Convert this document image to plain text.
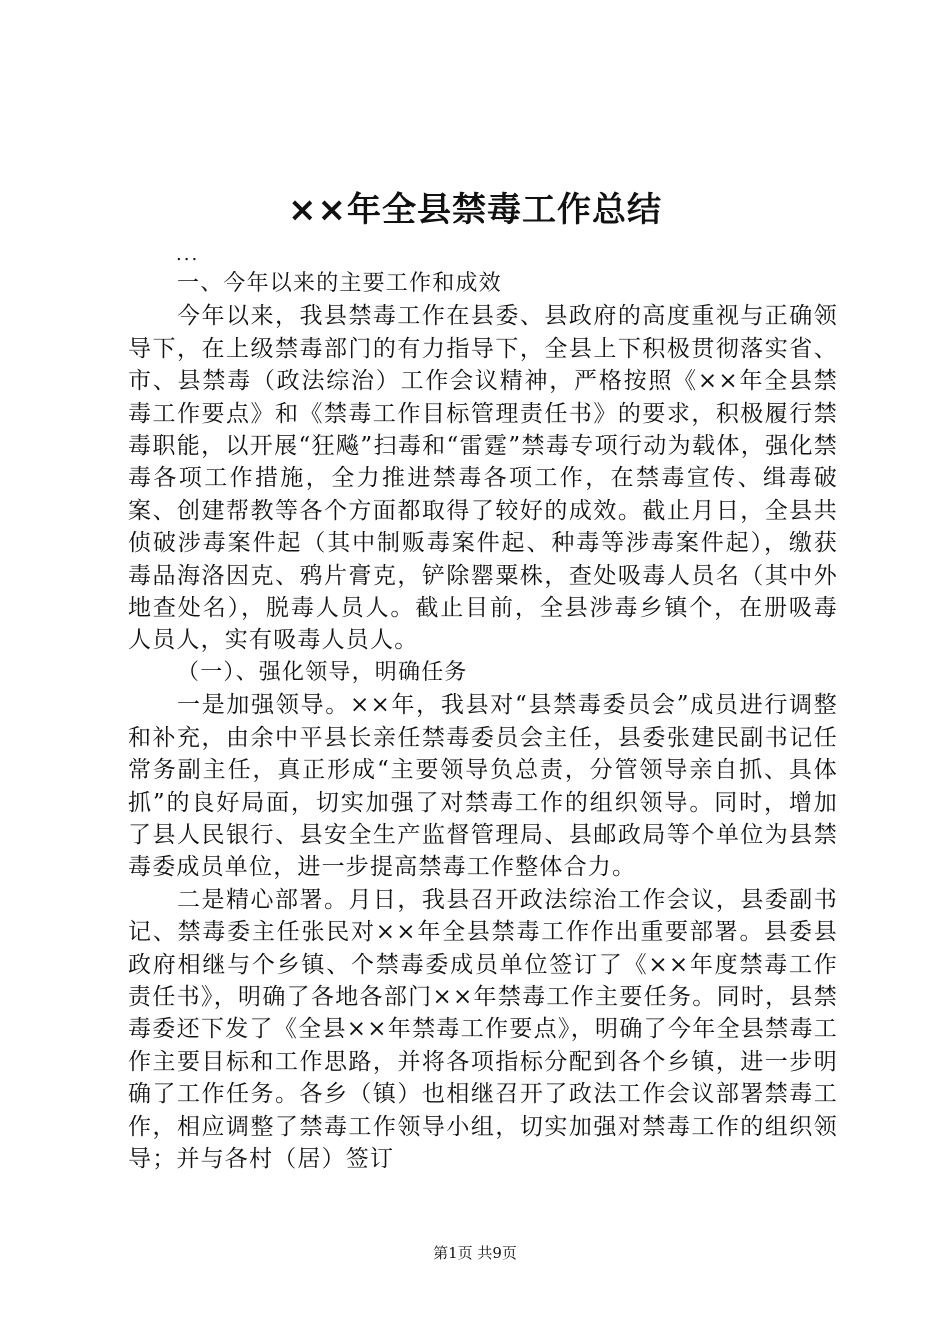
××年全县禁毒工作总结
...

一、今年以来的主要工作和成效

今年以来，我县禁毒工作在县委、县政府的高度重视与正确领导下，在上级禁毒部门的有力指导下，全县上下积极贯彻落实省、市、县禁毒（政法综治）工作会议精神，严格按照《××年全县禁毒工作要点》和《禁毒工作目标管理责任书》的要求，积极履行禁毒职能，以开展“狂飚”扫毒和“雷霆”禁毒专项行动为载体，强化禁毒各项工作措施，全力推进禁毒各项工作，在禁毒宣传、缉毒破案、创建帮教等各个方面都取得了较好的成效。截止月日，全县共侦破涉毒案件起（其中制贩毒案件起、种毒等涉毒案件起），缴获毒品海洛因克、鸦片膏克，铲除罂粟株，查处吸毒人员名（其中外地查处名），脱毒人员人。截止目前，全县涉毒乡镇个，在册吸毒人员人，实有吸毒人员人。

（一）、强化领导，明确任务

一是加强领导。××年，我县对“县禁毒委员会”成员进行调整和补充，由余中平县长亲任禁毒委员会主任，县委张建民副书记任常务副主任，真正形成“主要领导负总责，分管领导亲自抓、具体抓”的良好局面，切实加强了对禁毒工作的组织领导。同时，增加了县人民银行、县安全生产监督管理局、县邮政局等个单位为县禁毒委成员单位，进一步提高禁毒工作整体合力。

二是精心部署。月日，我县召开政法综治工作会议，县委副书记、禁毒委主任张民对××年全县禁毒工作作出重要部署。县委县政府相继与个乡镇、个禁毒委成员单位签订了《××年度禁毒工作责任书》，明确了各地各部门××年禁毒工作主要任务。同时，县禁毒委还下发了《全县××年禁毒工作要点》，明确了今年全县禁毒工作主要目标和工作思路，并将各项指标分配到各个乡镇，进一步明确了工作任务。各乡（镇）也相继召开了政法工作会议部署禁毒工作，相应调整了禁毒工作领导小组，切实加强对禁毒工作的组织领导；并与各村（居）签订

第1页 共9页
